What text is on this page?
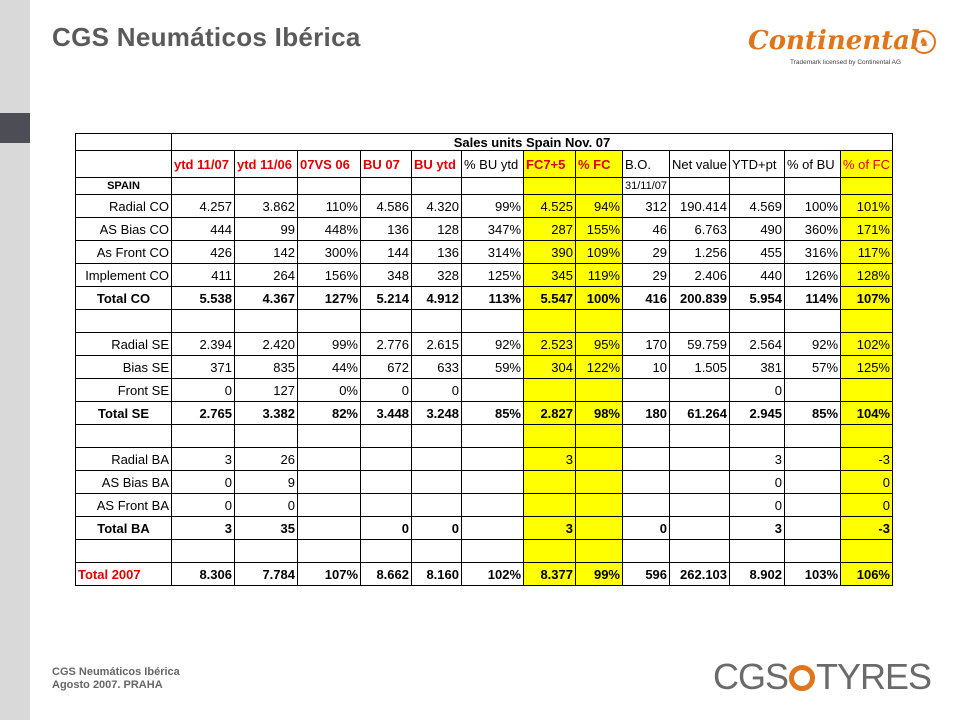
CGS Neumáticos Ibérica	Continental
♞
Trademark licensed by Continental AG
	Sales units Spain Nov. 07												
	ytd 11/07	ytd 11/06	07VS 06	BU 07	BU ytd	% BU ytd	FC7+5	% FC	B.O.	Net value	YTD+pt	% of BU	% of FC
SPAIN									31/11/07				
Radial CO	4.257	3.862	110%	4.586	4.320	99%	4.525	94%	312	190.414	4.569	100%	101%
AS Bias CO	444	99	448%	136	128	347%	287	155%	46	6.763	490	360%	171%
As Front CO	426	142	300%	144	136	314%	390	109%	29	1.256	455	316%	117%
Implement CO	411	264	156%	348	328	125%	345	119%	29	2.406	440	126%	128%
Total CO	5.538	4.367	127%	5.214	4.912	113%	5.547	100%	416	200.839	5.954	114%	107%

Radial SE	2.394	2.420	99%	2.776	2.615	92%	2.523	95%	170	59.759	2.564	92%	102%
Bias SE	371	835	44%	672	633	59%	304	122%	10	1.505	381	57%	125%
Front SE	0	127	0%	0	0						0		
Total SE	2.765	3.382	82%	3.448	3.248	85%	2.827	98%	180	61.264	2.945	85%	104%

Radial BA	3	26					3				3		-3
AS Bias BA	0	9									0		0
AS Front BA	0	0									0		0
Total BA	3	35		0	0		3		0		3		-3

Total 2007	8.306	7.784	107%	8.662	8.160	102%	8.377	99%	596	262.103	8.902	103%	106%
CGS Neumáticos Ibérica
Agosto 2007. PRAHA	CGS TYRES
